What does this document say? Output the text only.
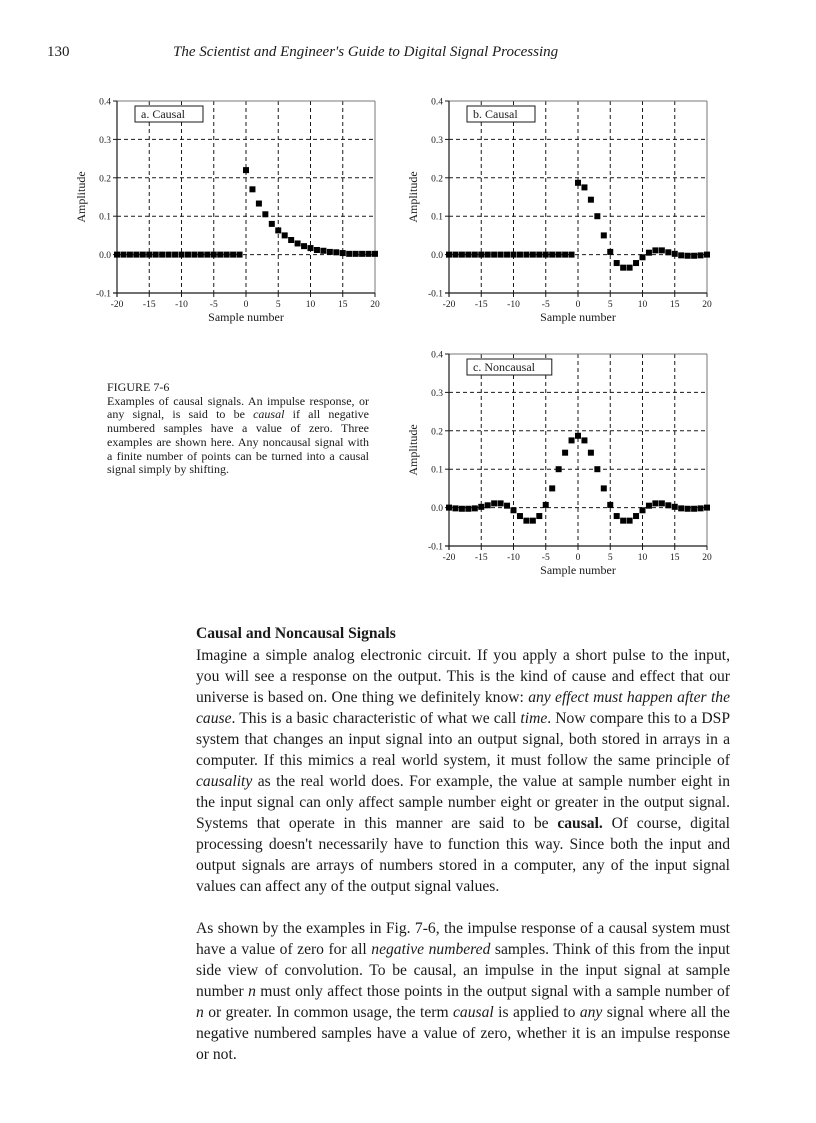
130	The Scientist and Engineer's Guide to Digital Signal Processing
-20 -15 -10 -5	0	5	10 15 20
-0.1
0.0
0.1
0.2
0.3
0.4
Sample number
Amplitude
a. Causal
-20 -15 -10 -5	0	5	10 15 20
-0.1
0.0
0.1
0.2
0.3
0.4
Sample number
Amplitude
b. Causal
-20 -15 -10 -5	0	5	10 15 20
-0.1
0.0
0.1
0.2
0.3
0.4
Sample number
Amplitude
c. Noncausal
FIGURE 7-6
Examples of causal signals. An impulse response, or any signal, is said to be causal if all negative numbered samples have a value of zero. Three examples are shown here. Any noncausal signal with a finite number of points can be turned into a causal signal simply by shifting.
Causal and Noncausal Signals
Imagine a simple analog electronic circuit. If you apply a short pulse to the input, you will see a response on the output. This is the kind of cause and effect that our universe is based on. One thing we definitely know: any effect must happen after the cause. This is a basic characteristic of what we call time. Now compare this to a DSP system that changes an input signal into an output signal, both stored in arrays in a computer. If this mimics a real world system, it must follow the same principle of causality as the real world does. For example, the value at sample number eight in the input signal can only affect sample number eight or greater in the output signal. Systems that operate in this manner are said to be causal. Of course, digital processing doesn't necessarily have to function this way. Since both the input and output signals are arrays of numbers stored in a computer, any of the input signal values can affect any of the output signal values.
As shown by the examples in Fig. 7-6, the impulse response of a causal system must have a value of zero for all negative numbered samples. Think of this from the input side view of convolution. To be causal, an impulse in the input signal at sample number n must only affect those points in the output signal with a sample number of n or greater. In common usage, the term causal is applied to any signal where all the negative numbered samples have a value of zero, whether it is an impulse response or not.
